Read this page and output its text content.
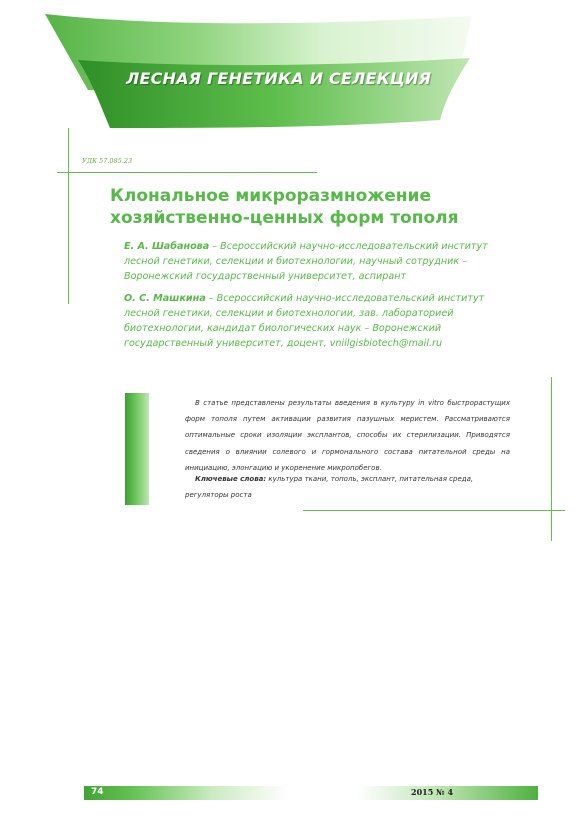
ЛЕСНАЯ ГЕНЕТИКА И СЕЛЕКЦИЯ
УДК 57.085.23
Клональное микроразмножение
хозяйственно-ценных форм тополя
Е. А. Шабанова – Всероссийский научно-исследовательский институт
лесной генетики, селекции и биотехнологии, научный сотрудник –
Воронежский государственный университет, аспирант
О. С. Машкина – Всероссийский научно-исследовательский институт
лесной генетики, селекции и биотехнологии, зав. лабораторией
биотехнологии, кандидат биологических наук – Воронежский
государственный университет, доцент, vniilgisbiotech@mail.ru
В статье представлены результаты введения в культуру in vitro быстрорастущих форм тополя путем активации развития пазушных меристем. Рассматриваются оптимальные сроки изоляции эксплантов, способы их стерилизации. Приводятся сведения о влиянии солевого и гормонального состава питательной среды на инициацию, элонгацию и укоренение микропобегов.
Ключевые слова: культура ткани, тополь, эксплант, питательная среда, регуляторы роста
74	2015 № 4
